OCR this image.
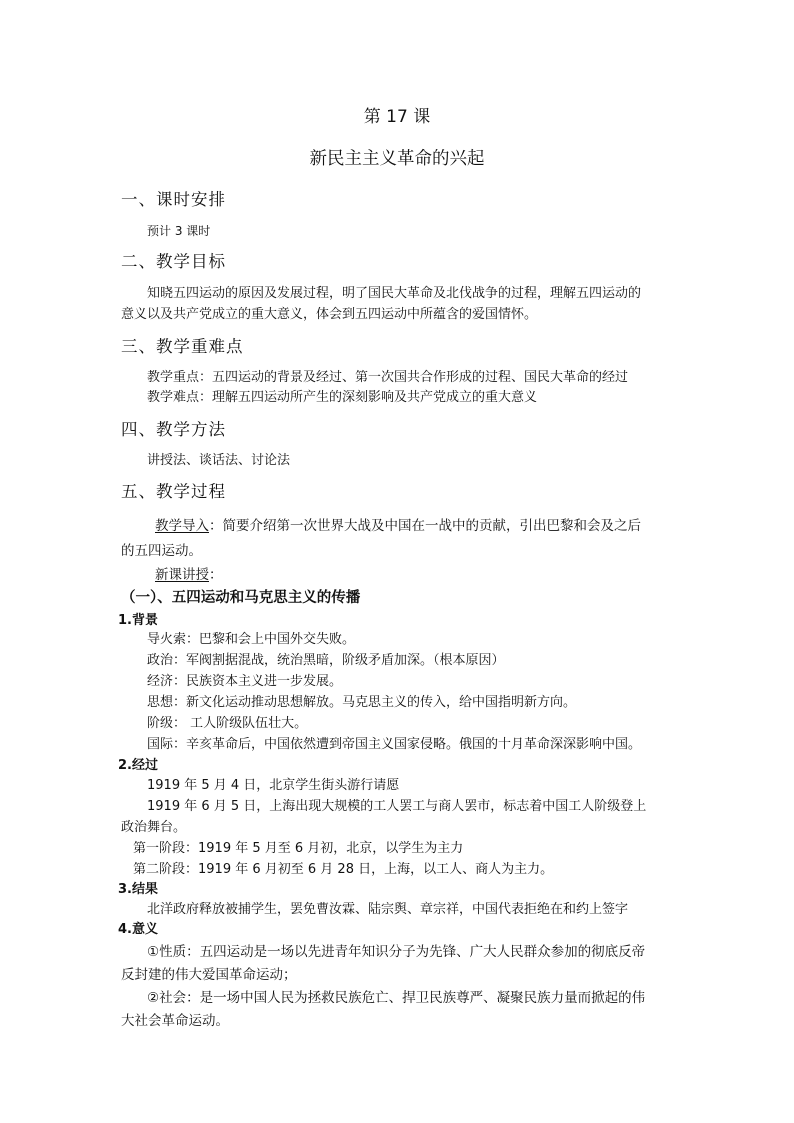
第 17 课
新民主主义革命的兴起
一、课时安排
预计 3 课时
二、教学目标
知晓五四运动的原因及发展过程，明了国民大革命及北伐战争的过程，理解五四运动的
意义以及共产党成立的重大意义，体会到五四运动中所蕴含的爱国情怀。
三、教学重难点
教学重点：五四运动的背景及经过、第一次国共合作形成的过程、国民大革命的经过
教学难点：理解五四运动所产生的深刻影响及共产党成立的重大意义
四、教学方法
讲授法、谈话法、讨论法
五、教学过程
教学导入：简要介绍第一次世界大战及中国在一战中的贡献，引出巴黎和会及之后
的五四运动。
新课讲授：
（一）、五四运动和马克思主义的传播
1.背景
导火索：巴黎和会上中国外交失败。
政治：军阀割据混战，统治黑暗，阶级矛盾加深。（根本原因）
经济：民族资本主义进一步发展。
思想：新文化运动推动思想解放。马克思主义的传入，给中国指明新方向。
阶级： 工人阶级队伍壮大。
国际：辛亥革命后，中国依然遭到帝国主义国家侵略。俄国的十月革命深深影响中国。
2.经过
1919 年 5 月 4 日，北京学生街头游行请愿
1919 年 6 月 5 日，上海出现大规模的工人罢工与商人罢市，标志着中国工人阶级登上
政治舞台。
第一阶段：1919 年 5 月至 6 月初，北京，以学生为主力
第二阶段：1919 年 6 月初至 6 月 28 日，上海，以工人、商人为主力。
3.结果
北洋政府释放被捕学生，罢免曹汝霖、陆宗舆、章宗祥，中国代表拒绝在和约上签字
4.意义
①性质：五四运动是一场以先进青年知识分子为先锋、广大人民群众参加的彻底反帝
反封建的伟大爱国革命运动；
②社会：是一场中国人民为拯救民族危亡、捍卫民族尊严、凝聚民族力量而掀起的伟
大社会革命运动。
